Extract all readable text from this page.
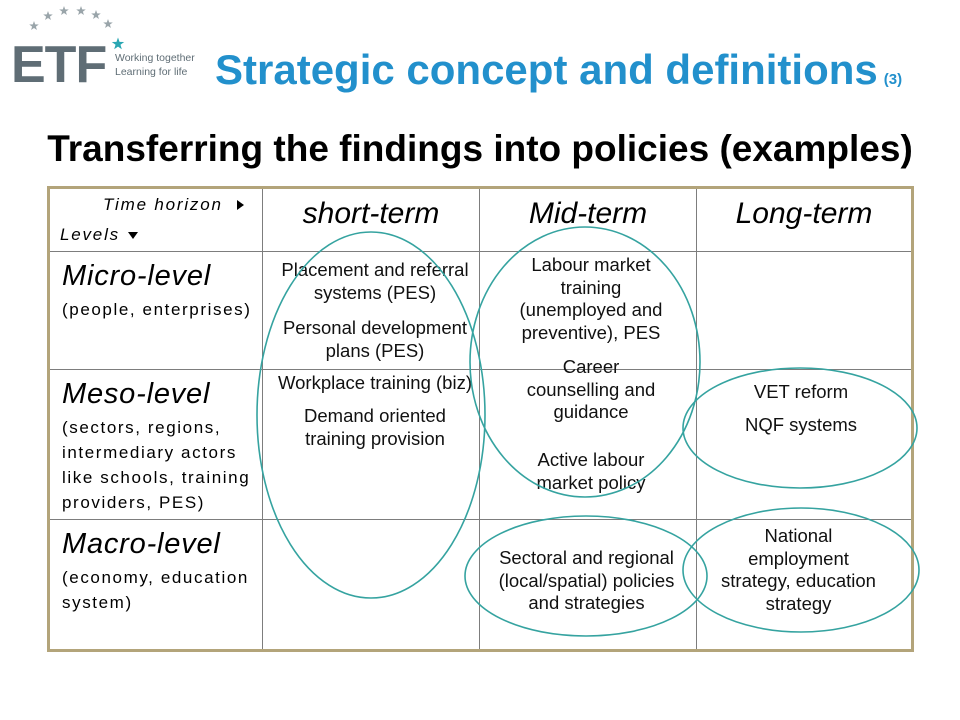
ETF Working together
Learning for life Strategic concept and definitions (3)
Transferring the findings into policies (examples)
Time horizon
Levels
short-term	Mid-term	Long-term
Micro-level
(people, enterprises)
Meso-level
(sectors, regions, intermediary actors like schools, training providers, PES)
Macro-level
(economy, education system)
Placement and referral systems (PES)
Personal development plans (PES)
Workplace training (biz)
Demand oriented training provision
Labour market training (unemployed and preventive), PES
Career counselling and guidance
Active labour market policy
VET reform
NQF systems
Sectoral and regional (local/spatial) policies and strategies
National employment strategy, education strategy
